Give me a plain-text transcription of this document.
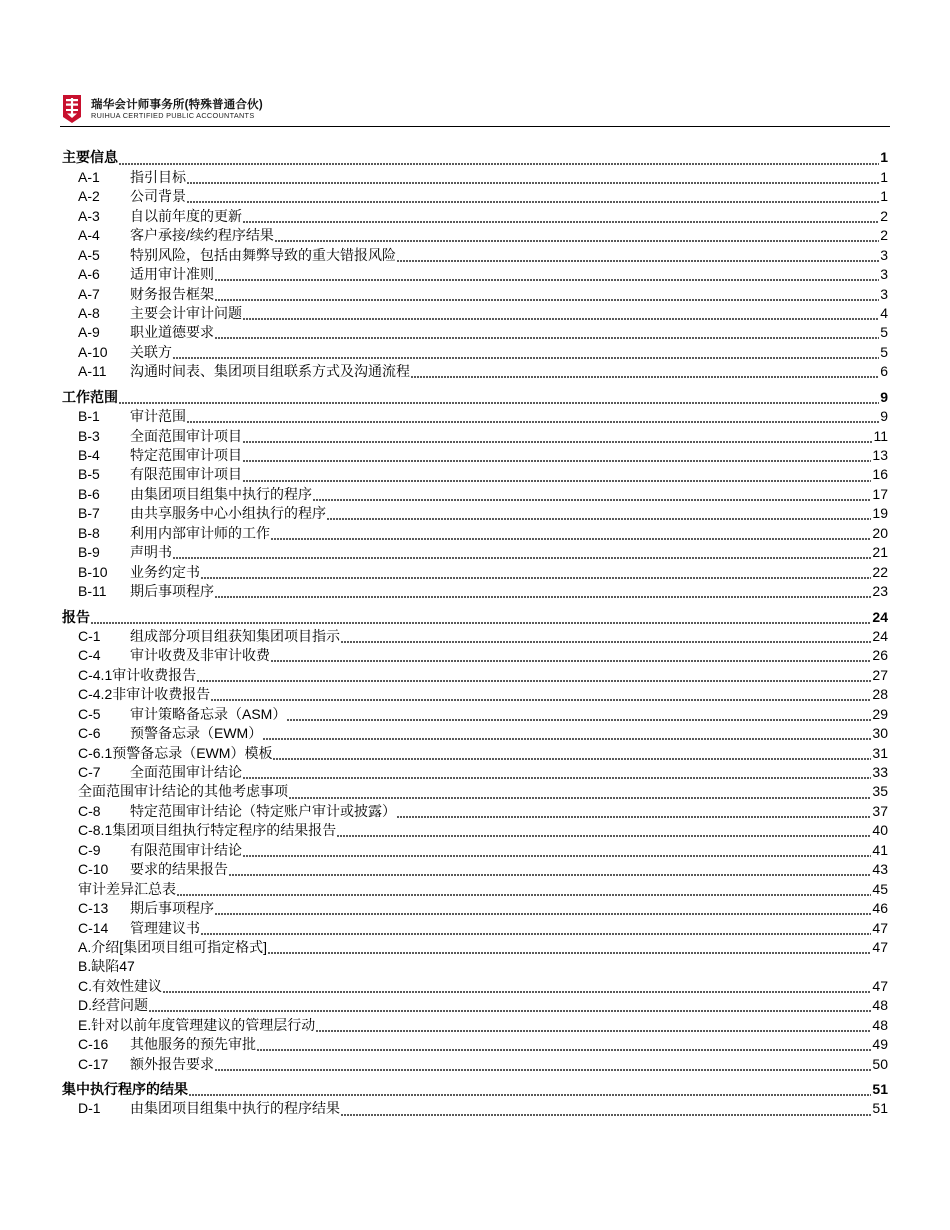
瑞华会计师事务所(特殊普通合伙)
RUIHUA CERTIFIED PUBLIC ACCOUNTANTS
主要信息	1
A-1	指引目标	1
A-2	公司背景	1
A-3	自以前年度的更新	2
A-4	客户承接/续约程序结果	2
A-5	特别风险，包括由舞弊导致的重大错报风险	3
A-6	适用审计准则	3
A-7	财务报告框架	3
A-8	主要会计审计问题	4
A-9	职业道德要求	5
A-10	关联方	5
A-11	沟通时间表、集团项目组联系方式及沟通流程	6
工作范围	9
B-1	审计范围	9
B-3	全面范围审计项目	11
B-4	特定范围审计项目	13
B-5	有限范围审计项目	16
B-6	由集团项目组集中执行的程序	17
B-7	由共享服务中心小组执行的程序	19
B-8	利用内部审计师的工作	20
B-9	声明书	21
B-10	业务约定书	22
B-11	期后事项程序	23
报告	24
C-1	组成部分项目组获知集团项目指示	24
C-4	审计收费及非审计收费	26
C-4.1 审计收费报告	27
C-4.2 非审计收费报告	28
C-5	审计策略备忘录（ASM）	29
C-6	预警备忘录（EWM）	30
C-6.1 预警备忘录（EWM）模板	31
C-7	全面范围审计结论	33
全面范围审计结论的其他考虑事项	35
C-8	特定范围审计结论（特定账户审计或披露）	37
C-8.1 集团项目组执行特定程序的结果报告	40
C-9	有限范围审计结论	41
C-10	要求的结果报告	43
审计差异汇总表	45
C-13	期后事项程序	46
C-14	管理建议书	47
A. 介绍[集团项目组可指定格式]	47
B. 缺陷47
C. 有效性建议	47
D. 经营问题	48
E. 针对以前年度管理建议的管理层行动	48
C-16	其他服务的预先审批	49
C-17	额外报告要求	50
集中执行程序的结果	51
D-1	由集团项目组集中执行的程序结果	51
